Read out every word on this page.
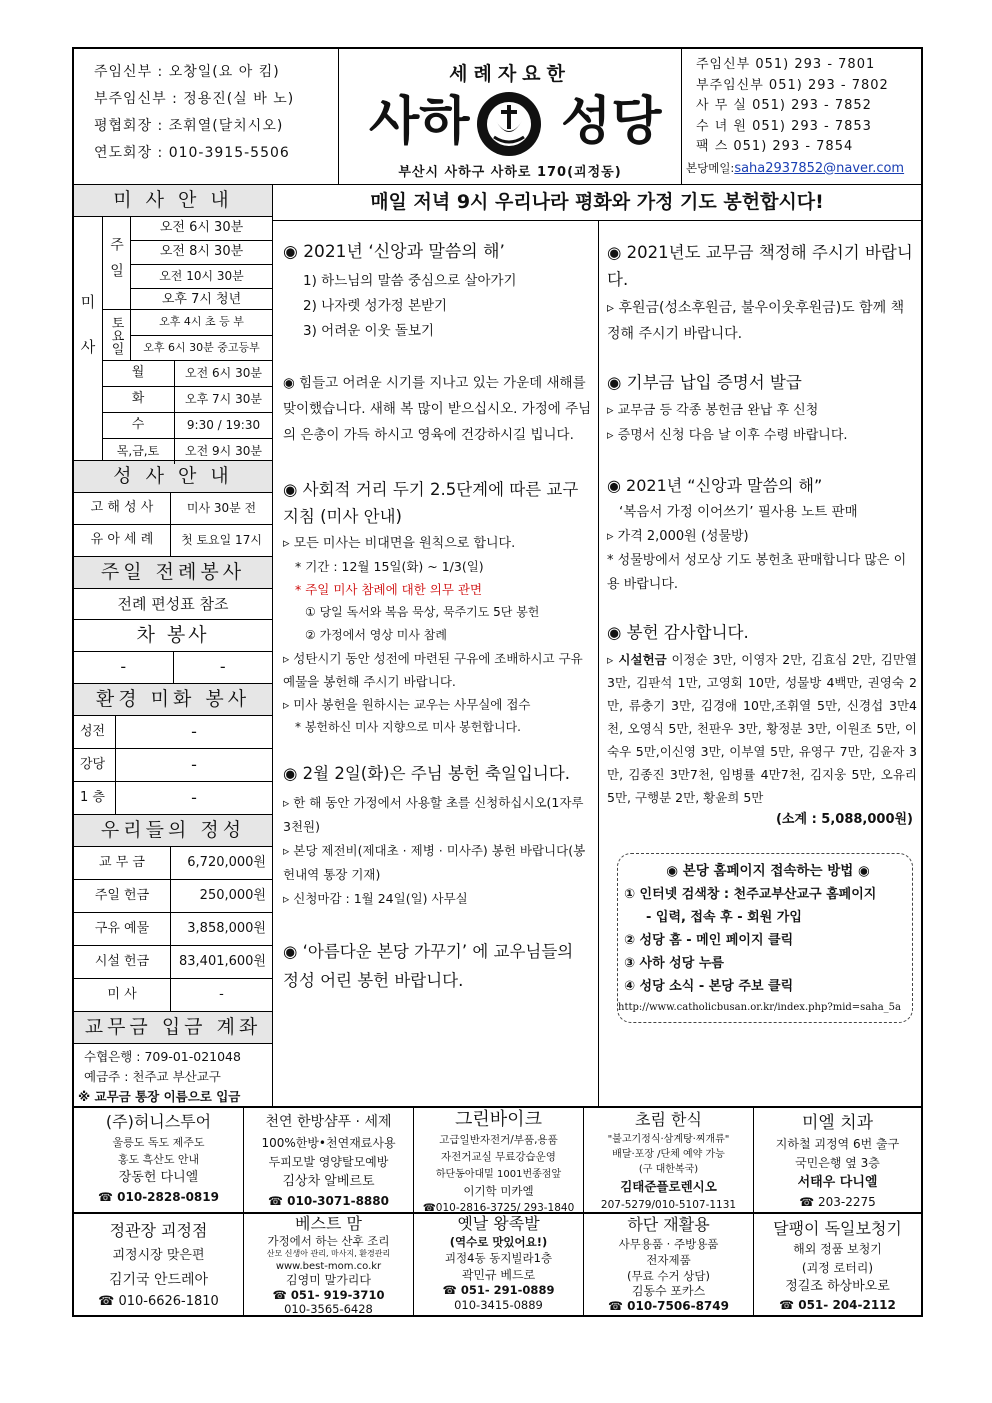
주임신부 : 오창일(요 아 킴)
부주임신부 : 정용진(실 바 노)
평협회장 : 조휘열(달치시오)
연도회장 : 010-3915-5506
세례자요한
사하 성당
부산시 사하구 사하로 170(괴정동)
주임신부 051) 293 - 7801
부주임신부 051) 293 - 7802
사 무 실 051) 293 - 7852
수 녀 원 051) 293 - 7853
팩 스 051) 293 - 7854
본당메일:saha2937852@naver.com
미 사 안 내
미사
주일
오전 6시 30분
오전 8시 30분
오전 10시 30분
오후 7시 청년
토요일	오후 4시 초 등 부
오후 6시 30분 중고등부
월	오전 6시 30분
화	오후 7시 30분
수	9:30 / 19:30
목,금,토	오전 9시 30분
성 사 안 내
고 해 성 사	미사 30분 전
유 아 세 례	첫 토요일 17시
주일 전례봉사
전례 편성표 참조
차 봉사
-	-
환경 미화 봉사
성전	-
강당	-
1 층	-
우리들의 정성
교 무 금	6,720,000원
주일 헌금	250,000원
구유 예물	3,858,000원
시설 헌금	83,401,600원
미 사	-
교무금 입금 계좌
수협은행 : 709-01-021048
예금주 : 천주교 부산교구
※ 교무금 통장 이름으로 입금
매일 저녁 9시 우리나라 평화와 가정 기도 봉헌합시다!
◉ 2021년 ‘신앙과 말씀의 해’
1) 하느님의 말씀 중심으로 살아가기
2) 나자렛 성가정 본받기
3) 어려운 이웃 돌보기
◉ 힘들고 어려운 시기를 지나고 있는 가운데 새해를 맞이했습니다. 새해 복 많이 받으십시오. 가정에 주님의 은총이 가득 하시고 영육에 건강하시길 빕니다.
◉ 사회적 거리 두기 2.5단계에 따른 교구 지침 (미사 안내)
▹ 모든 미사는 비대면을 원칙으로 합니다.
* 기간 : 12월 15일(화) ~ 1/3(일)
* 주일 미사 참례에 대한 의무 관면
① 당일 독서와 복음 묵상, 묵주기도 5단 봉헌
② 가정에서 영상 미사 참례
▹ 성탄시기 동안 성전에 마련된 구유에 조배하시고 구유예물을 봉헌해 주시기 바랍니다.
▹ 미사 봉헌을 원하시는 교우는 사무실에 접수
* 봉헌하신 미사 지향으로 미사 봉헌합니다.
◉ 2월 2일(화)은 주님 봉헌 축일입니다.
▹ 한 해 동안 가정에서 사용할 초를 신청하십시오(1자루 3천원)
▹ 본당 제전비(제대초 · 제병 · 미사주) 봉헌 바랍니다(봉헌내역 통장 기재)
▹ 신청마감 : 1월 24일(일) 사무실
◉ ‘아름다운 본당 가꾸기’ 에 교우님들의 정성 어린 봉헌 바랍니다.
◉ 2021년도 교무금 책정해 주시기 바랍니다.
▹ 후원금(성소후원금, 불우이웃후원금)도 함께 책정해 주시기 바랍니다.
◉ 기부금 납입 증명서 발급
▹ 교무금 등 각종 봉헌금 완납 후 신청
▹ 증명서 신청 다음 날 이후 수령 바랍니다.
◉ 2021년 “신앙과 말씀의 해”
‘복음서 가정 이어쓰기’ 필사용 노트 판매
▹ 가격 2,000원 (성물방)
* 성물방에서 성모상 기도 봉헌초 판매합니다 많은 이용 바랍니다.
◉ 봉헌 감사합니다.
▹ 시설헌금 이정순 3만, 이영자 2만, 김효심 2만, 김만열 3만, 김판석 1만, 고영회 10만, 성물방 4백만, 권영숙 2만, 류충기 3만, 김경애 10만,조휘열 5만, 신경섭 3만4천, 오영식 5만, 천판우 3만, 황정분 3만, 이원조 5만, 이숙우 5만,이신영 3만, 이부열 5만, 유영구 7만, 김윤자 3만, 김종진 3만7천, 임병률 4만7천, 김지웅 5만, 오유리 5만, 구행분 2만, 황윤희 5만
(소계 : 5,088,000원)
◉ 본당 홈페이지 접속하는 방법 ◉
① 인터넷 검색창 : 천주교부산교구 홈페이지
- 입력, 접속 후 - 회원 가입
② 성당 홈 - 메인 페이지 클릭
③ 사하 성당 누름
④ 성당 소식 - 본당 주보 클릭
http://www.catholicbusan.or.kr/index.php?mid=saha_5a
(주)허니스투어
울릉도 독도 제주도
홍도 흑산도 안내
장동헌 다니엘
☎ 010-2828-0819
천연 한방샴푸 · 세제
100%한방•천연재료사용
두피모발 영양탈모예방
김상차 알베르토
☎ 010-3071-8880
그린바이크
고급일반자전거/부품,용품
자전거교실 무료강습운영
하단동아대밑 1001번종점앞
이기학 미카엘
☎010-2816-3725/ 293-1840
초림 한식
"불고기정식·삼계탕·찌개류"
배달·포장 /단체 예약 가능
(구 대한복국)
김태준플로렌시오
207-5279/010-5107-1131
미엘 치과
지하철 괴정역 6번 출구
국민은행 옆 3층
서태우 다니엘
☎ 203-2275
정관장 괴정점
괴정시장 맞은편
김기국 안드레아
☎ 010-6626-1810
베스트 맘
가정에서 하는 산후 조리
산모 신생아 관리, 마사지, 환경관리
www.best-mom.co.kr
김영미 말가리다
☎ 051- 919-3710
010-3565-6428
옛날 왕족발
(역수로 맛있어요!)
괴정4동 동지빌라1층
곽민규 베드로
☎ 051- 291-0889
010-3415-0889
하단 재활용
사무용품 · 주방용품
전자제품
(무료 수거 상담)
김동수 포카스
☎ 010-7506-8749
달팽이 독일보청기
해외 정품 보청기
(괴정 로터리)
정길조 하상바오로
☎ 051- 204-2112
